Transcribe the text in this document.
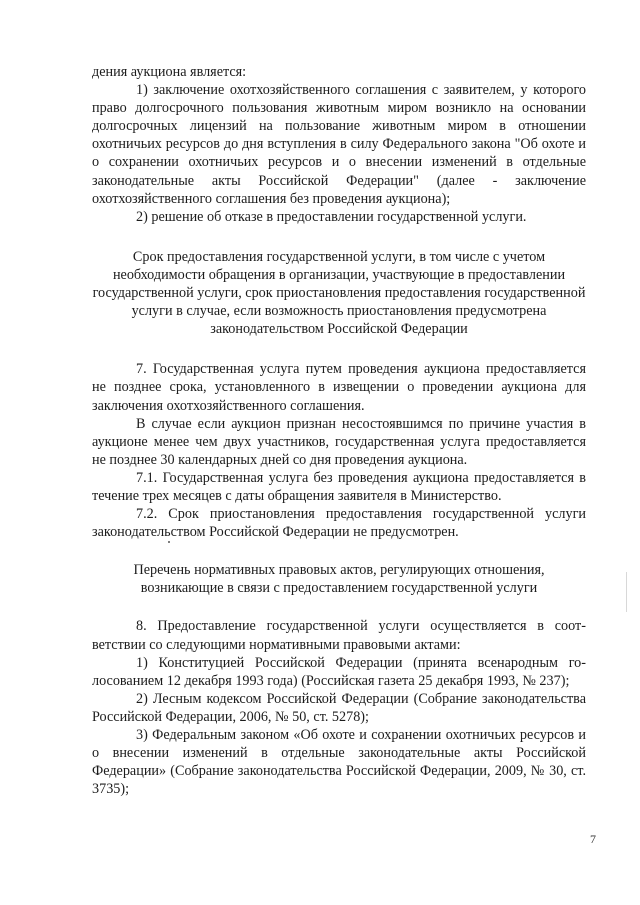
дения аукциона является:

1) заключение охотхозяйственного соглашения с заявителем, у которого право долгосрочного пользования животным миром возникло на основании долгосрочных лицензий на пользование животным миром в отношении охотничьих ресурсов до дня вступления в силу Федерального закона "Об охоте и о сохранении охотничьих ресурсов и о внесении изменений в отдельные законодательные акты Российской Федерации" (далее - заключение охотхозяйственного соглашения без проведения аукциона);

2) решение об отказе в предоставлении государственной услуги.

Срок предоставления государственной услуги, в том числе с учетом необходимости обращения в организации, участвующие в предоставлении государственной услуги, срок приостановления предоставления государственной услуги в случае, если возможность приостановления предусмотрена законодательством Российской Федерации

7. Государственная услуга путем проведения аукциона предоставляется не позднее срока, установленного в извещении о проведении аукциона для заключения охотхозяйственного соглашения.

В случае если аукцион признан несостоявшимся по причине участия в аукционе менее чем двух участников, государственная услуга предоставляется не позднее 30 календарных дней со дня проведения аукциона.

7.1. Государственная услуга без проведения аукциона предоставляется в течение трех месяцев с даты обращения заявителя в Министерство.

7.2. Срок приостановления предоставления государственной услуги законодательством Российской Федерации не предусмотрен.

Перечень нормативных правовых актов, регулирующих отношения, возникающие в связи с предоставлением государственной услуги

8. Предоставление государственной услуги осуществляется в соответствии со следующими нормативными правовыми актами:

1) Конституцией Российской Федерации (принята всенародным голосованием 12 декабря 1993 года) (Российская газета 25 декабря 1993, № 237);

2) Лесным кодексом Российской Федерации (Собрание законодательства Российской Федерации, 2006, № 50, ст. 5278);

3) Федеральным законом «Об охоте и сохранении охотничьих ресурсов и о внесении изменений в отдельные законодательные акты Российской Федерации» (Собрание законодательства Российской Федерации, 2009, № 30, ст. 3735);

7
